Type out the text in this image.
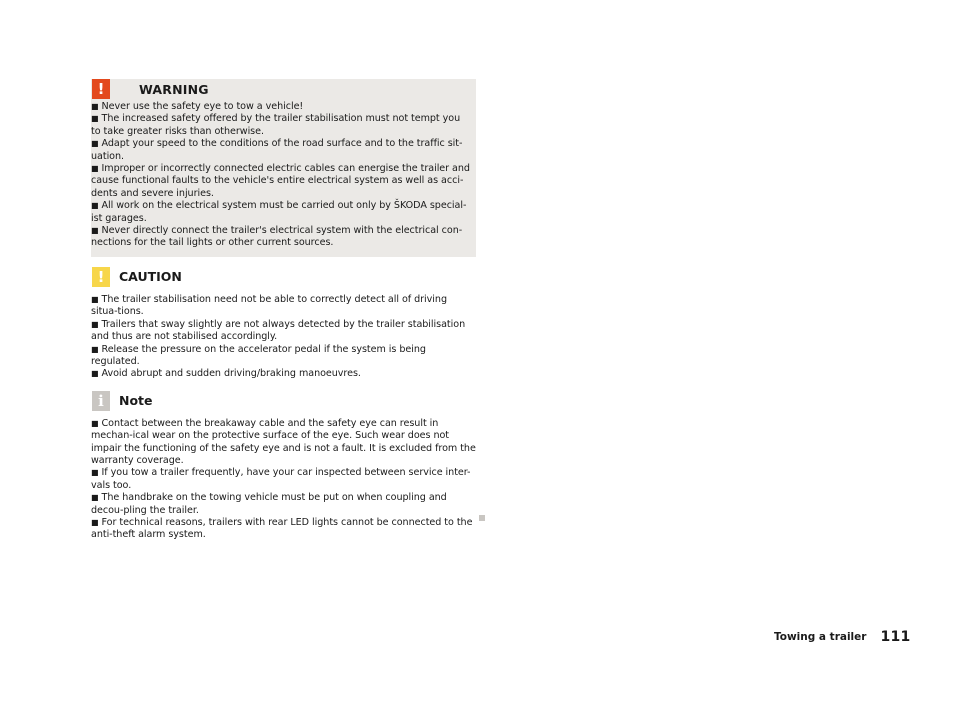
!	WARNING
■ Never use the safety eye to tow a vehicle!
■ The increased safety offered by the trailer stabilisation must not tempt you to take greater risks than otherwise.
■ Adapt your speed to the conditions of the road surface and to the traffic sit-uation.
■ Improper or incorrectly connected electric cables can energise the trailer and cause functional faults to the vehicle's entire electrical system as well as acci-dents and severe injuries.
■ All work on the electrical system must be carried out only by ŠKODA special-ist garages.
■ Never directly connect the trailer's electrical system with the electrical con-nections for the tail lights or other current sources.
!	CAUTION
■ The trailer stabilisation need not be able to correctly detect all of driving situa-tions.
■ Trailers that sway slightly are not always detected by the trailer stabilisation and thus are not stabilised accordingly.
■ Release the pressure on the accelerator pedal if the system is being regulated.
■ Avoid abrupt and sudden driving/braking manoeuvres.
i	Note
■ Contact between the breakaway cable and the safety eye can result in mechan-ical wear on the protective surface of the eye. Such wear does not impair the functioning of the safety eye and is not a fault. It is excluded from the warranty coverage.
■ If you tow a trailer frequently, have your car inspected between service inter-vals too.
■ The handbrake on the towing vehicle must be put on when coupling and decou-pling the trailer.
■ For technical reasons, trailers with rear LED lights cannot be connected to the anti-theft alarm system.
Towing a trailer 111
